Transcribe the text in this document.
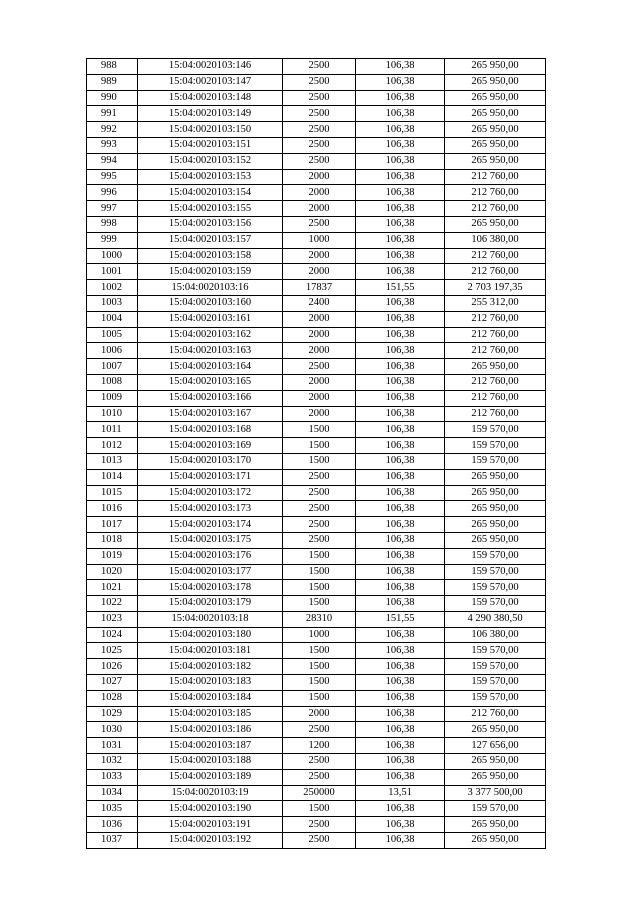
988	15:04:0020103:146	2500	106,38	265 950,00
989	15:04:0020103:147	2500	106,38	265 950,00
990	15:04:0020103:148	2500	106,38	265 950,00
991	15:04:0020103:149	2500	106,38	265 950,00
992	15:04:0020103:150	2500	106,38	265 950,00
993	15:04:0020103:151	2500	106,38	265 950,00
994	15:04:0020103:152	2500	106,38	265 950,00
995	15:04:0020103:153	2000	106,38	212 760,00
996	15:04:0020103:154	2000	106,38	212 760,00
997	15:04:0020103:155	2000	106,38	212 760,00
998	15:04:0020103:156	2500	106,38	265 950,00
999	15:04:0020103:157	1000	106,38	106 380,00
1000	15:04:0020103:158	2000	106,38	212 760,00
1001	15:04:0020103:159	2000	106,38	212 760,00
1002	15:04:0020103:16	17837	151,55	2 703 197,35
1003	15:04:0020103:160	2400	106,38	255 312,00
1004	15:04:0020103:161	2000	106,38	212 760,00
1005	15:04:0020103:162	2000	106,38	212 760,00
1006	15:04:0020103:163	2000	106,38	212 760,00
1007	15:04:0020103:164	2500	106,38	265 950,00
1008	15:04:0020103:165	2000	106,38	212 760,00
1009	15:04:0020103:166	2000	106,38	212 760,00
1010	15:04:0020103:167	2000	106,38	212 760,00
1011	15:04:0020103:168	1500	106,38	159 570,00
1012	15:04:0020103:169	1500	106,38	159 570,00
1013	15:04:0020103:170	1500	106,38	159 570,00
1014	15:04:0020103:171	2500	106,38	265 950,00
1015	15:04:0020103:172	2500	106,38	265 950,00
1016	15:04:0020103:173	2500	106,38	265 950,00
1017	15:04:0020103:174	2500	106,38	265 950,00
1018	15:04:0020103:175	2500	106,38	265 950,00
1019	15:04:0020103:176	1500	106,38	159 570,00
1020	15:04:0020103:177	1500	106,38	159 570,00
1021	15:04:0020103:178	1500	106,38	159 570,00
1022	15:04:0020103:179	1500	106,38	159 570,00
1023	15:04:0020103:18	28310	151,55	4 290 380,50
1024	15:04:0020103:180	1000	106,38	106 380,00
1025	15:04:0020103:181	1500	106,38	159 570,00
1026	15:04:0020103:182	1500	106,38	159 570,00
1027	15:04:0020103:183	1500	106,38	159 570,00
1028	15:04:0020103:184	1500	106,38	159 570,00
1029	15:04:0020103:185	2000	106,38	212 760,00
1030	15:04:0020103:186	2500	106,38	265 950,00
1031	15:04:0020103:187	1200	106,38	127 656,00
1032	15:04:0020103:188	2500	106,38	265 950,00
1033	15:04:0020103:189	2500	106,38	265 950,00
1034	15:04:0020103:19	250000	13,51	3 377 500,00
1035	15:04:0020103:190	1500	106,38	159 570,00
1036	15:04:0020103:191	2500	106,38	265 950,00
1037	15:04:0020103:192	2500	106,38	265 950,00
